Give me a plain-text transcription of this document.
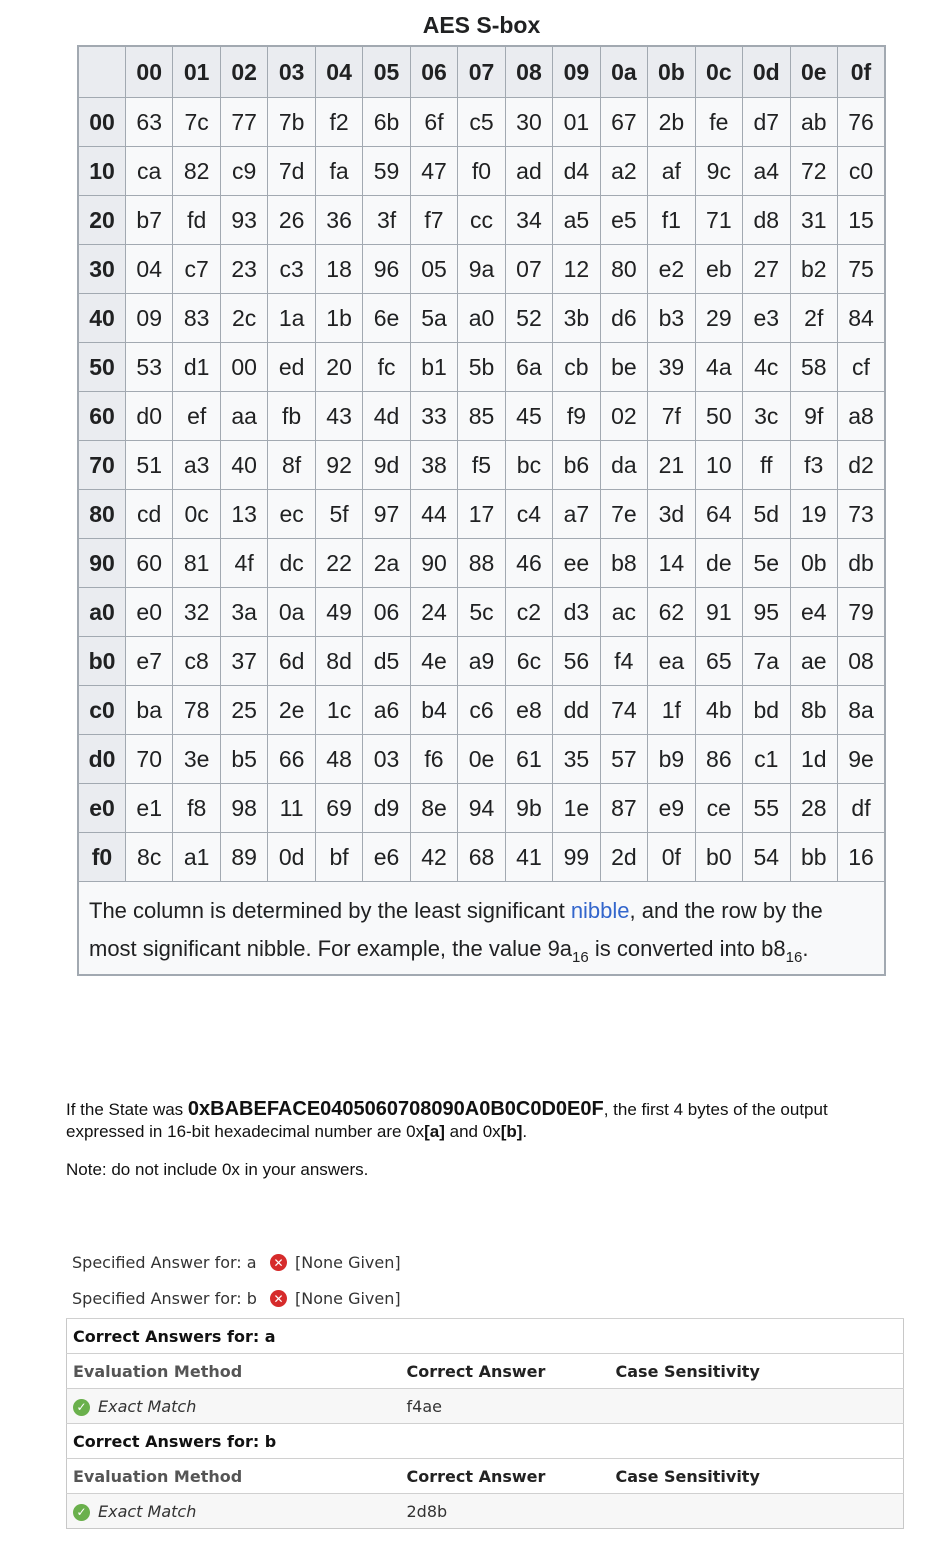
AES S-box
	00	01	02	03	04	05	06	07	08	09	0a	0b	0c	0d	0e	0f
00	63	7c	77	7b	f2	6b	6f	c5	30	01	67	2b	fe	d7	ab	76
10	ca	82	c9	7d	fa	59	47	f0	ad	d4	a2	af	9c	a4	72	c0
20	b7	fd	93	26	36	3f	f7	cc	34	a5	e5	f1	71	d8	31	15
30	04	c7	23	c3	18	96	05	9a	07	12	80	e2	eb	27	b2	75
40	09	83	2c	1a	1b	6e	5a	a0	52	3b	d6	b3	29	e3	2f	84
50	53	d1	00	ed	20	fc	b1	5b	6a	cb	be	39	4a	4c	58	cf
60	d0	ef	aa	fb	43	4d	33	85	45	f9	02	7f	50	3c	9f	a8
70	51	a3	40	8f	92	9d	38	f5	bc	b6	da	21	10	ff	f3	d2
80	cd	0c	13	ec	5f	97	44	17	c4	a7	7e	3d	64	5d	19	73
90	60	81	4f	dc	22	2a	90	88	46	ee	b8	14	de	5e	0b	db
a0	e0	32	3a	0a	49	06	24	5c	c2	d3	ac	62	91	95	e4	79
b0	e7	c8	37	6d	8d	d5	4e	a9	6c	56	f4	ea	65	7a	ae	08
c0	ba	78	25	2e	1c	a6	b4	c6	e8	dd	74	1f	4b	bd	8b	8a
d0	70	3e	b5	66	48	03	f6	0e	61	35	57	b9	86	c1	1d	9e
e0	e1	f8	98	11	69	d9	8e	94	9b	1e	87	e9	ce	55	28	df
f0	8c	a1	89	0d	bf	e6	42	68	41	99	2d	0f	b0	54	bb	16
The column is determined by the least significant nibble, and the row by the most significant nibble. For example, the value $9a_{16}$ is converted into $b8_{16}$.																
If the State was 0xBABEFACE0405060708090A0B0C0D0E0F, the first 4 bytes of the output expressed in 16-bit hexadecimal number are 0x[a] and 0x[b].
Note: do not include 0x in your answers.
Specified Answer for: a	✕ [None Given]
Specified Answer for: b	✕ [None Given]
Correct Answers for: a		
Evaluation Method	Correct Answer	Case Sensitivity
✓ Exact Match	f4ae	
Correct Answers for: b		
Evaluation Method	Correct Answer	Case Sensitivity
✓ Exact Match	2d8b	
